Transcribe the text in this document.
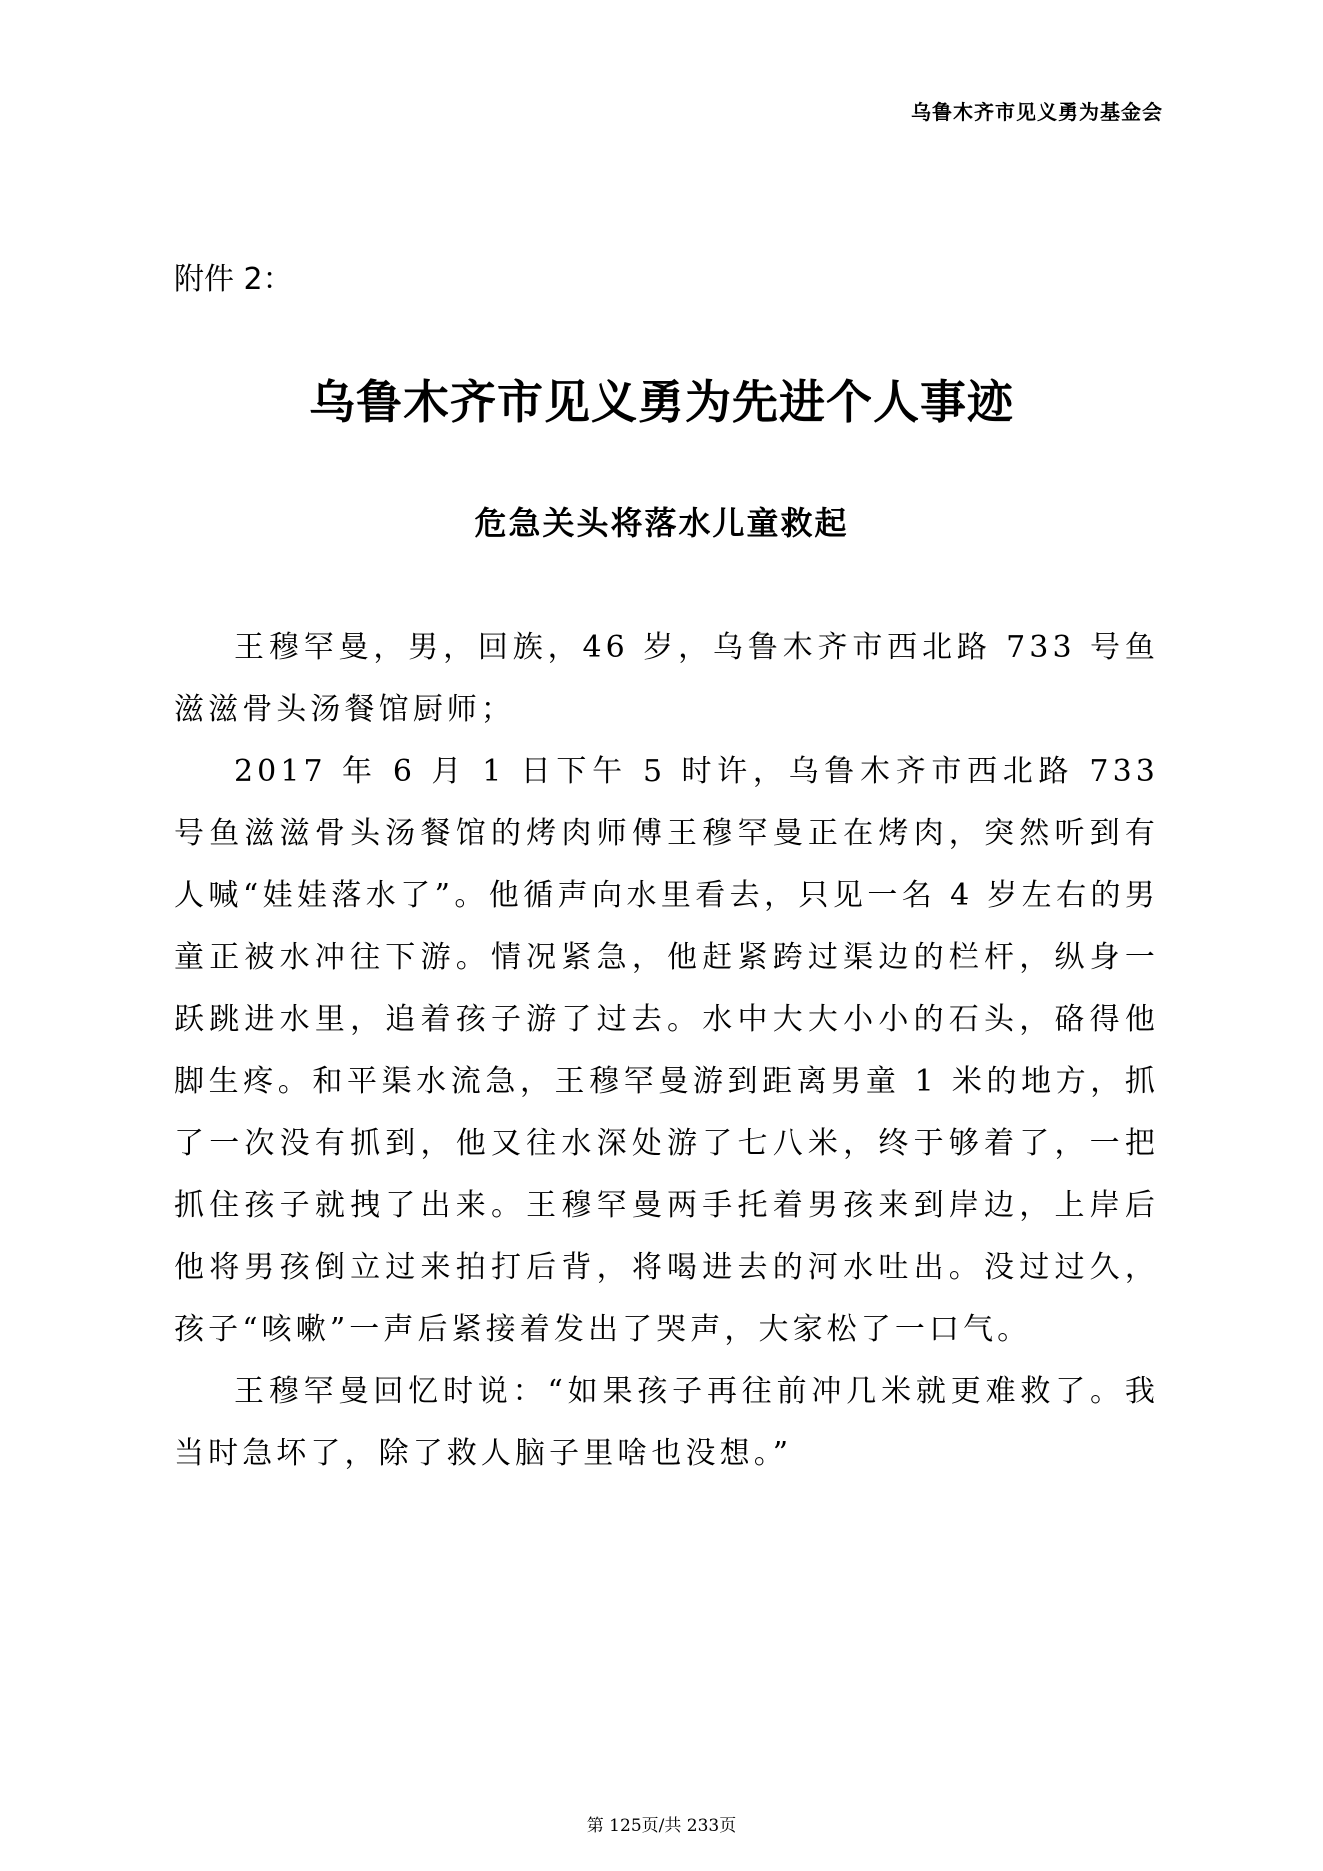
乌鲁木齐市见义勇为基金会
附件 2：
乌鲁木齐市见义勇为先进个人事迹
危急关头将落水儿童救起

王穆罕曼，男，回族，46 岁，乌鲁木齐市西北路 733 号鱼滋滋骨头汤餐馆厨师；

2017 年 6 月 1 日下午 5 时许，乌鲁木齐市西北路 733 号鱼滋滋骨头汤餐馆的烤肉师傅王穆罕曼正在烤肉，突然听到有人喊“娃娃落水了”。他循声向水里看去，只见一名 4 岁左右的男童正被水冲往下游。情况紧急，他赶紧跨过渠边的栏杆，纵身一跃跳进水里，追着孩子游了过去。水中大大小小的石头，硌得他脚生疼。和平渠水流急，王穆罕曼游到距离男童 1 米的地方，抓了一次没有抓到，他又往水深处游了七八米，终于够着了，一把抓住孩子就拽了出来。王穆罕曼两手托着男孩来到岸边，上岸后他将男孩倒立过来拍打后背，将喝进去的河水吐出。没过过久，孩子“咳嗽”一声后紧接着发出了哭声，大家松了一口气。

王穆罕曼回忆时说：“如果孩子再往前冲几米就更难救了。我当时急坏了，除了救人脑子里啥也没想。”

第 125页/共 233页
